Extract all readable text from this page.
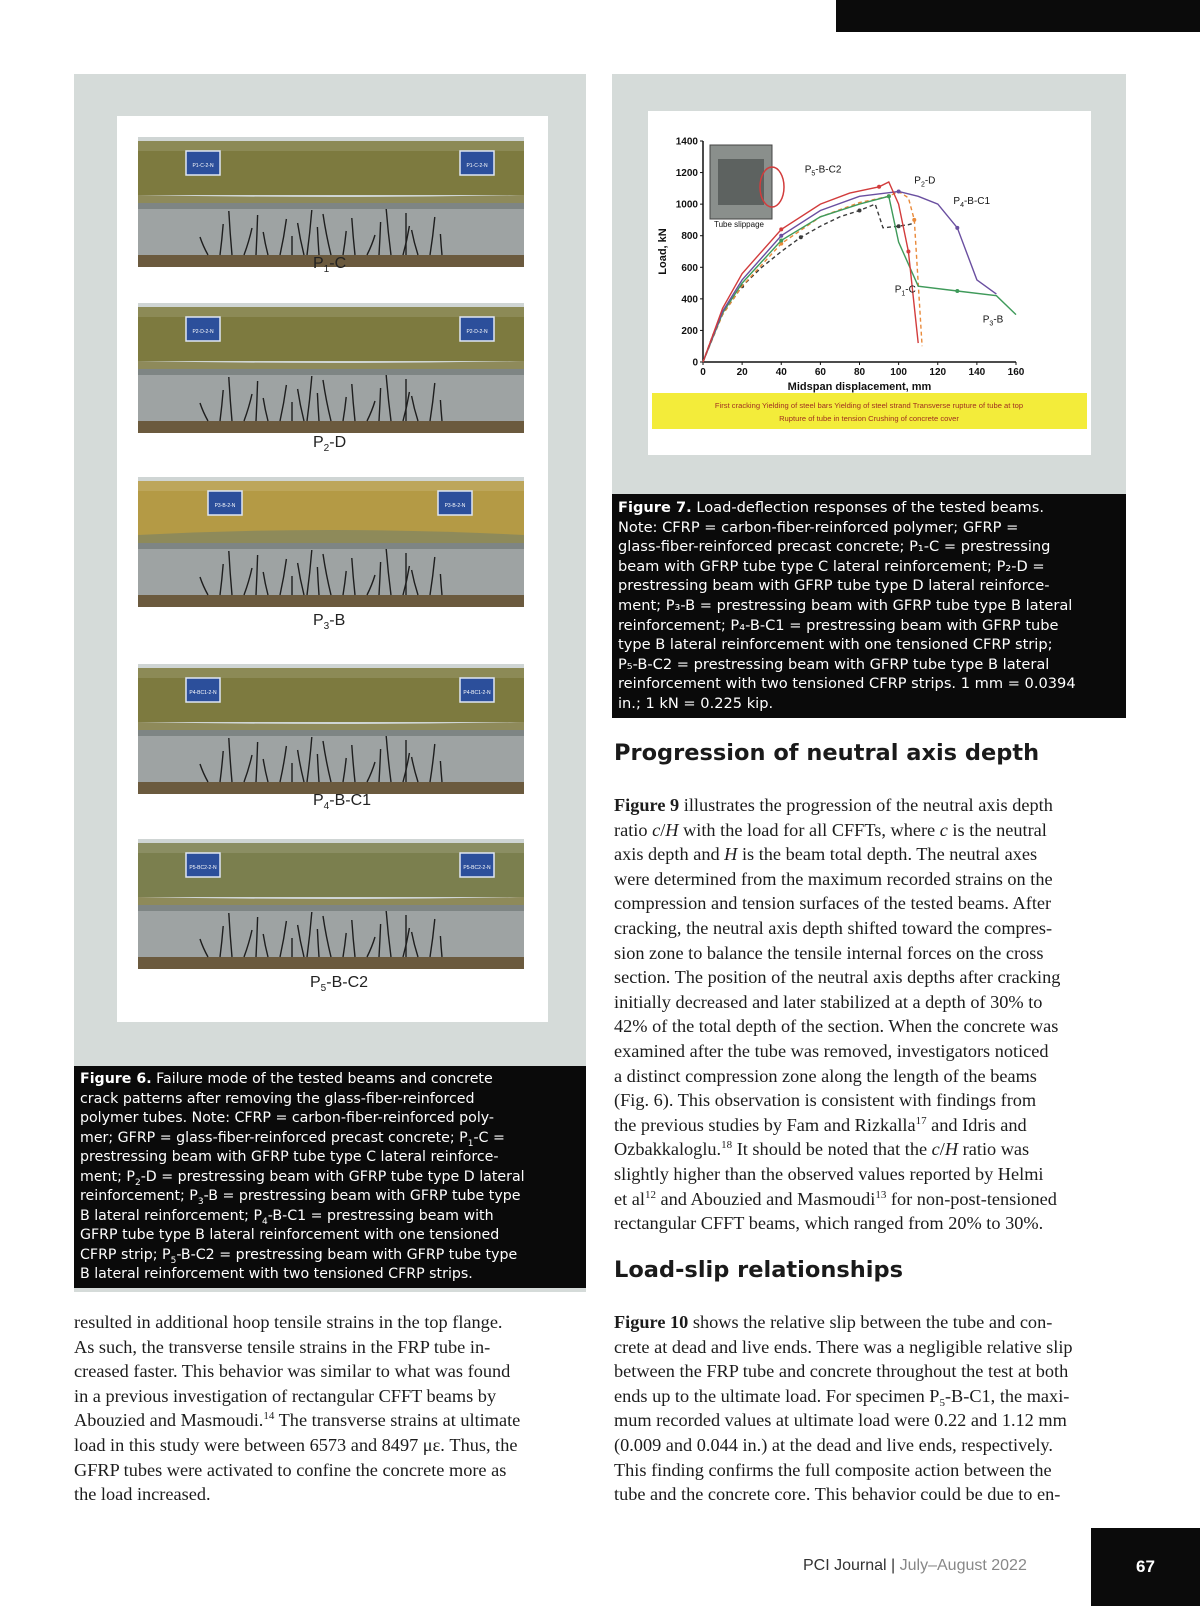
P1-C-2-N	P1-C-2-N
P2-D-2-N	P2-D-2-N
P3-B-2-N	P3-B-2-N
P4-BC1-2-N	P4-BC1-2-N
P5-BC2-2-N	P5-BC2-2-N
Figure 6. Failure mode of the tested beams and concrete
crack patterns after removing the glass-fiber-reinforced
polymer tubes. Note: CFRP = carbon-fiber-reinforced poly-
mer; GFRP = glass-fiber-reinforced precast concrete; $P_1-C$ =
prestressing beam with GFRP tube type C lateral reinforce-
ment; $P_2-D$ = prestressing beam with GFRP tube type D lateral
reinforcement; $P_3-B$ = prestressing beam with GFRP tube type
B lateral reinforcement; $P_4-B-C1$ = prestressing beam with
GFRP tube type B lateral reinforcement with one tensioned
CFRP strip; $P_5-B-C2$ = prestressing beam with GFRP tube type
B lateral reinforcement with two tensioned CFRP strips.
0	20	40	60	80	100 120 140 160
0
200
400
600
800
1000
1200
1400
Midspan displacement, mm
Load, kN
Tube slippage
$P_1-C$
$P_2-D$
$P_3-B$
$P_4-B-C1$
$P_5-B-C2$
First cracking Yielding of steel bars Yielding of steel strand Transverse rupture of tube at top
Rupture of tube in tension Crushing of concrete cover
Figure 7. Load-deflection responses of the tested beams.
Note: CFRP = carbon-fiber-reinforced polymer; GFRP =
glass-fiber-reinforced precast concrete; P₁-C = prestressing
beam with GFRP tube type C lateral reinforcement; P₂-D =
prestressing beam with GFRP tube type D lateral reinforce-
ment; P₃-B = prestressing beam with GFRP tube type B lateral
reinforcement; P₄-B-C1 = prestressing beam with GFRP tube
type B lateral reinforcement with one tensioned CFRP strip;
P₅-B-C2 = prestressing beam with GFRP tube type B lateral
reinforcement with two tensioned CFRP strips. 1 mm = 0.0394
in.; 1 kN = 0.225 kip.
Progression of neutral axis depth
Figure 9 illustrates the progression of the neutral axis depth
ratio c/H with the load for all CFFTs, where c is the neutral
axis depth and H is the beam total depth. The neutral axes
were determined from the maximum recorded strains on the
compression and tension surfaces of the tested beams. After
cracking, the neutral axis depth shifted toward the compres-
sion zone to balance the tensile internal forces on the cross
section. The position of the neutral axis depths after cracking
initially decreased and later stabilized at a depth of 30% to
42% of the total depth of the section. When the concrete was
examined after the tube was removed, investigators noticed
a distinct compression zone along the length of the beams
(Fig. 6). This observation is consistent with findings from
the previous studies by Fam and Rizkalla$^{17}$ and Idris and
Ozbakkaloglu.$^{18}$ It should be noted that the c/H ratio was
slightly higher than the observed values reported by Helmi
et $al^{12}$ and Abouzied and Masmoudi$^{13}$ for non-post-tensioned
rectangular CFFT beams, which ranged from 20% to 30%.
Load-slip relationships
Figure 10 shows the relative slip between the tube and con-
crete at dead and live ends. There was a negligible relative slip
between the FRP tube and concrete throughout the test at both
ends up to the ultimate load. For specimen $P_5-B-C1$, the maxi-
mum recorded values at ultimate load were 0.22 and 1.12 mm
(0.009 and 0.044 in.) at the dead and live ends, respectively.
This finding confirms the full composite action between the
tube and the concrete core. This behavior could be due to en-
resulted in additional hoop tensile strains in the top flange.
As such, the transverse tensile strains in the FRP tube in-
creased faster. This behavior was similar to what was found
in a previous investigation of rectangular CFFT beams by
Abouzied and Masmoudi.$^{14}$ The transverse strains at ultimate
load in this study were between 6573 and 8497 με. Thus, the
GFRP tubes were activated to confine the concrete more as
the load increased.
PCI Journal | July–August 2022	67
$P_1-C$
$P_2-D$
$P_3-B$
$P_4-B-C1$
$P_5-B-C2$
